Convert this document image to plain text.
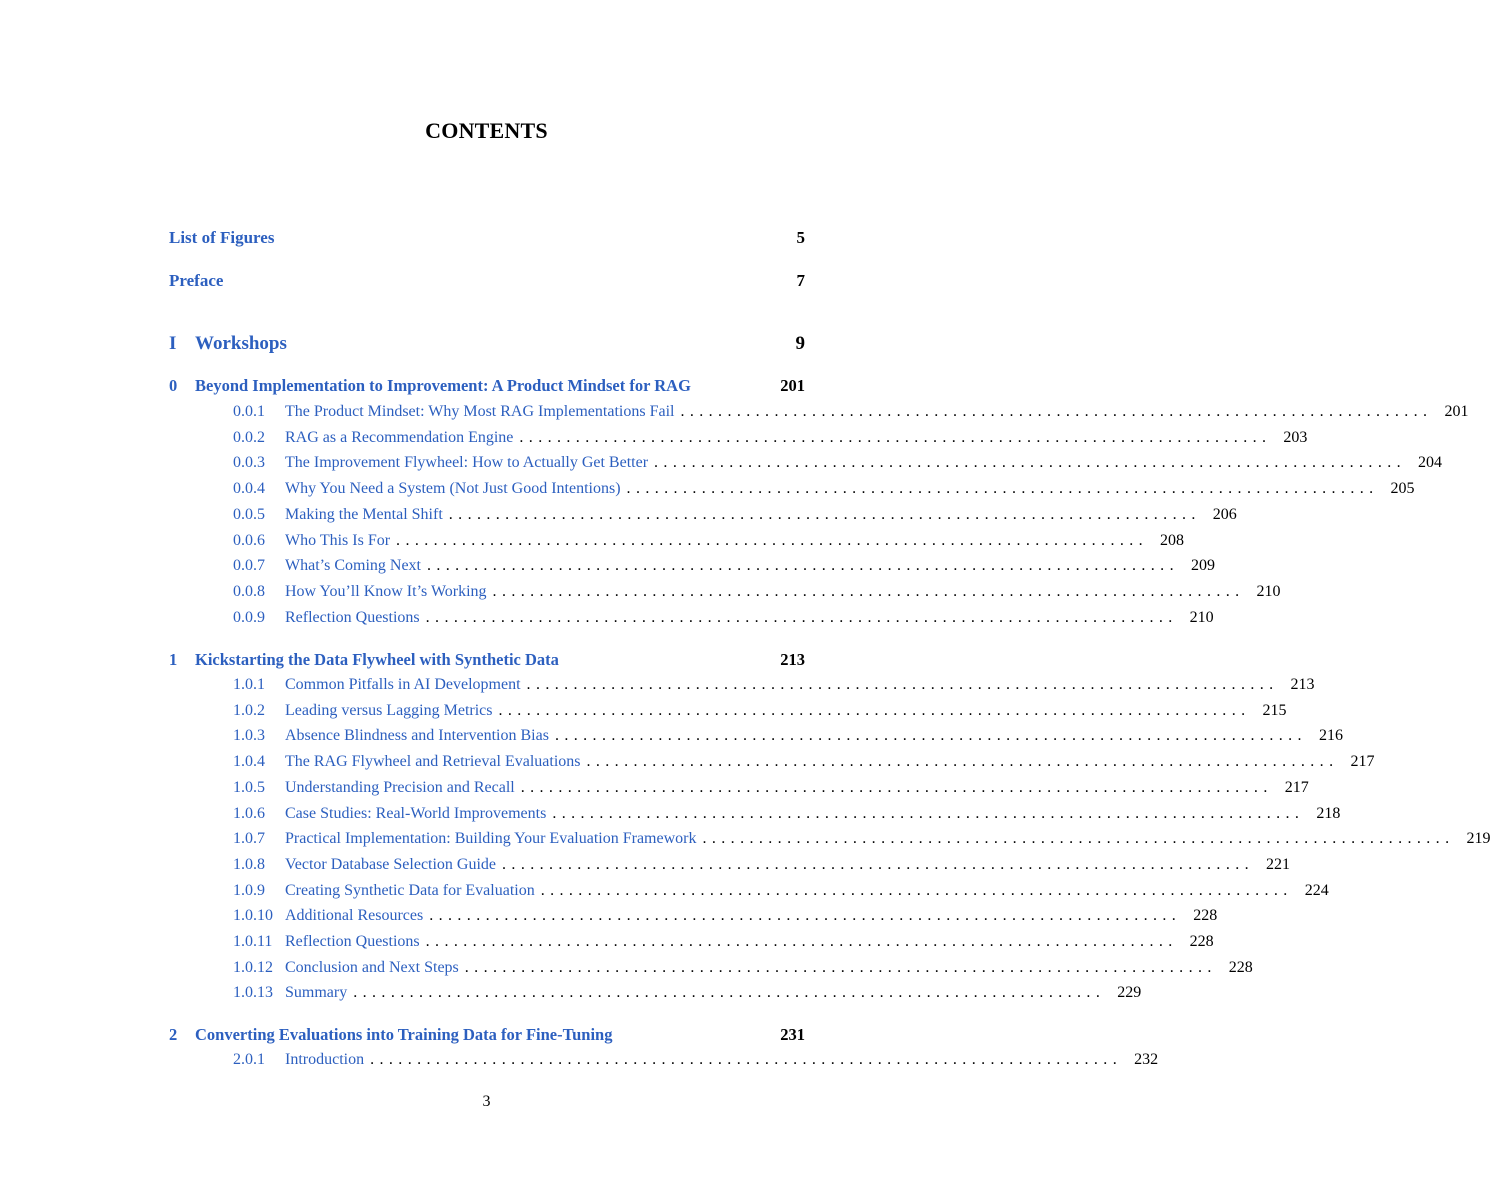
CONTENTS
List of Figures	5
Preface	7
I Workshops	9
0	Beyond Implementation to Improvement: A Product Mindset for RAG	201
0.0.1	The Product Mindset: Why Most RAG Implementations Fail ................................................................................ 201
0.0.2	RAG as a Recommendation Engine ................................................................................ 203
0.0.3	The Improvement Flywheel: How to Actually Get Better ................................................................................ 204
0.0.4	Why You Need a System (Not Just Good Intentions) ................................................................................ 205
0.0.5	Making the Mental Shift ................................................................................ 206
0.0.6	Who This Is For ................................................................................ 208
0.0.7	What’s Coming Next ................................................................................ 209
0.0.8	How You’ll Know It’s Working ................................................................................ 210
0.0.9	Reflection Questions ................................................................................ 210
1	Kickstarting the Data Flywheel with Synthetic Data	213
1.0.1	Common Pitfalls in AI Development ................................................................................ 213
1.0.2	Leading versus Lagging Metrics ................................................................................ 215
1.0.3	Absence Blindness and Intervention Bias ................................................................................ 216
1.0.4	The RAG Flywheel and Retrieval Evaluations ................................................................................ 217
1.0.5	Understanding Precision and Recall ................................................................................ 217
1.0.6	Case Studies: Real-World Improvements ................................................................................ 218
1.0.7	Practical Implementation: Building Your Evaluation Framework ................................................................................ 219
1.0.8	Vector Database Selection Guide ................................................................................ 221
1.0.9	Creating Synthetic Data for Evaluation ................................................................................ 224
1.0.10 Additional Resources ................................................................................ 228
1.0.11 Reflection Questions ................................................................................ 228
1.0.12 Conclusion and Next Steps ................................................................................ 228
1.0.13 Summary ................................................................................ 229
2	Converting Evaluations into Training Data for Fine-Tuning	231
2.0.1	Introduction ................................................................................ 232
3
